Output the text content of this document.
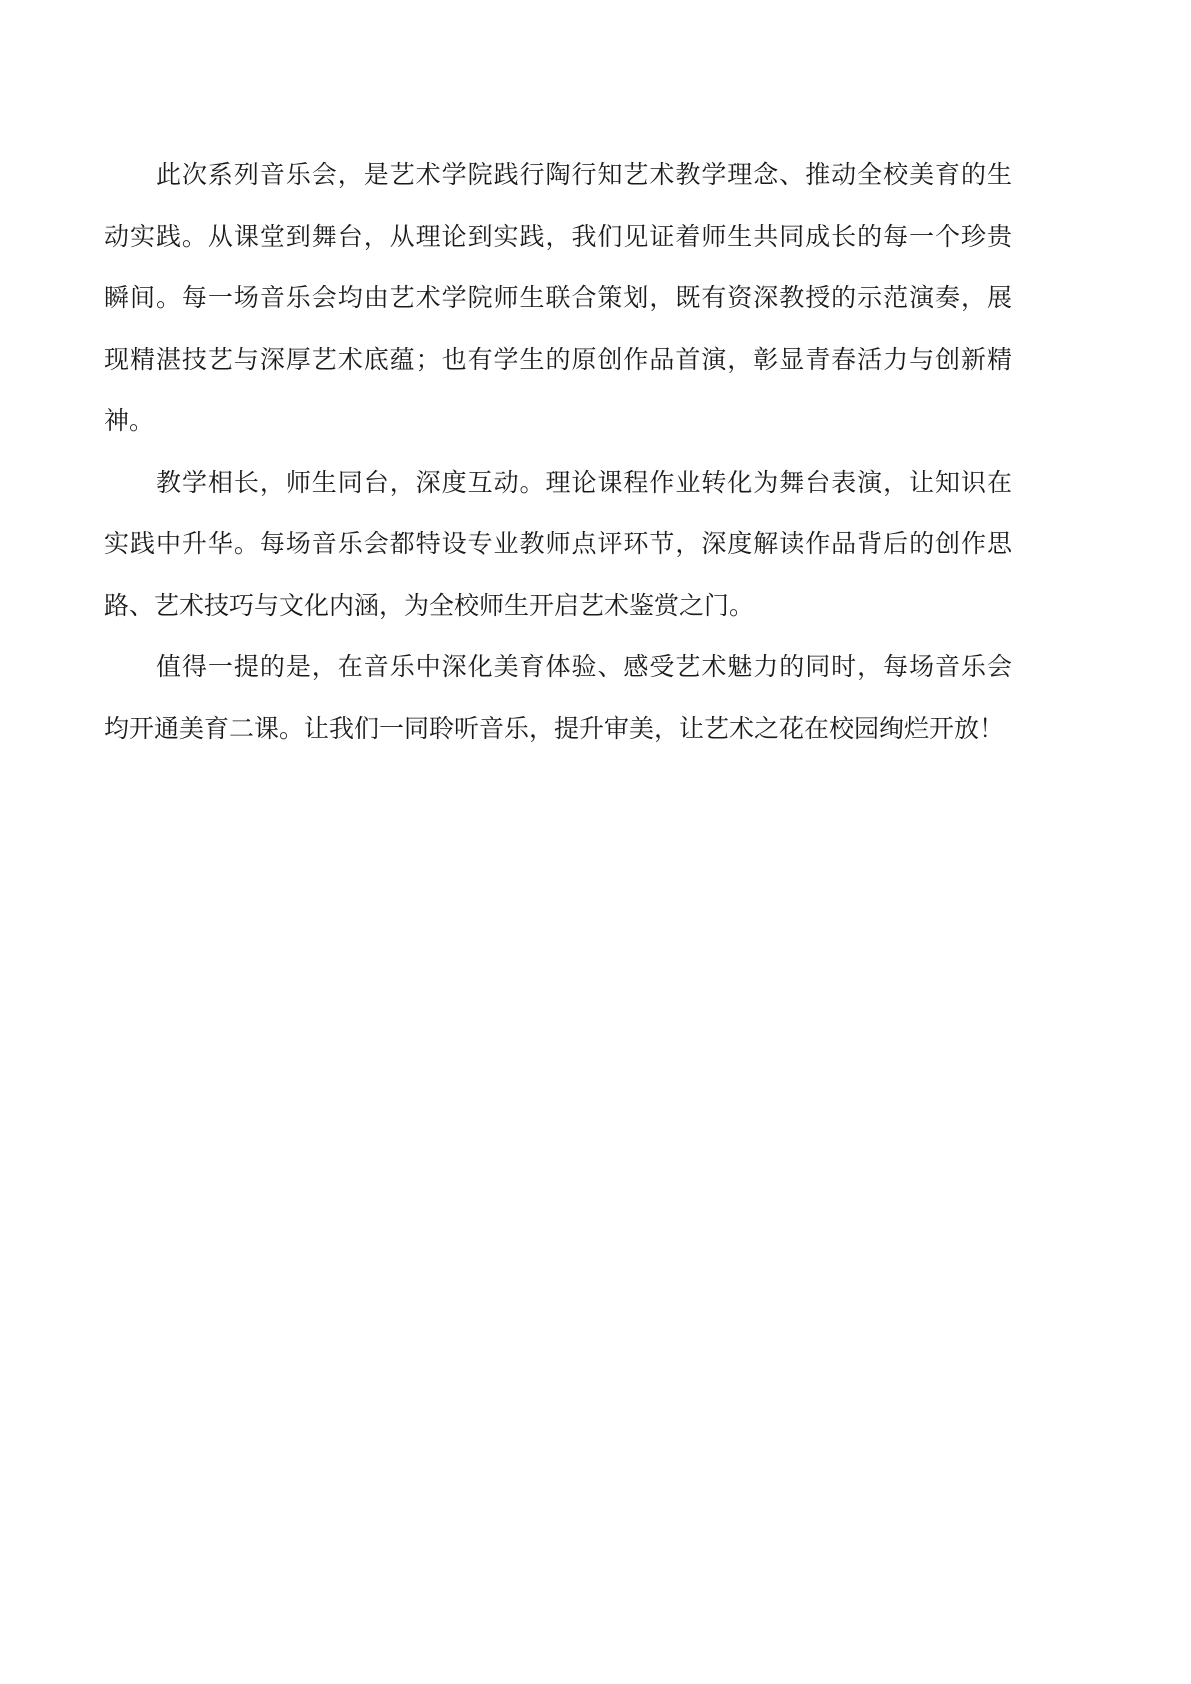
此次系列音乐会，是艺术学院践行陶行知艺术教学理念、推动全校美育的生
动实践。从课堂到舞台，从理论到实践，我们见证着师生共同成长的每一个珍贵
瞬间。每一场音乐会均由艺术学院师生联合策划，既有资深教授的示范演奏，展
现精湛技艺与深厚艺术底蕴；也有学生的原创作品首演，彰显青春活力与创新精
神。
教学相长，师生同台，深度互动。理论课程作业转化为舞台表演，让知识在
实践中升华。每场音乐会都特设专业教师点评环节，深度解读作品背后的创作思
路、艺术技巧与文化内涵，为全校师生开启艺术鉴赏之门。
值得一提的是，在音乐中深化美育体验、感受艺术魅力的同时，每场音乐会
均开通美育二课。让我们一同聆听音乐，提升审美，让艺术之花在校园绚烂开放！
